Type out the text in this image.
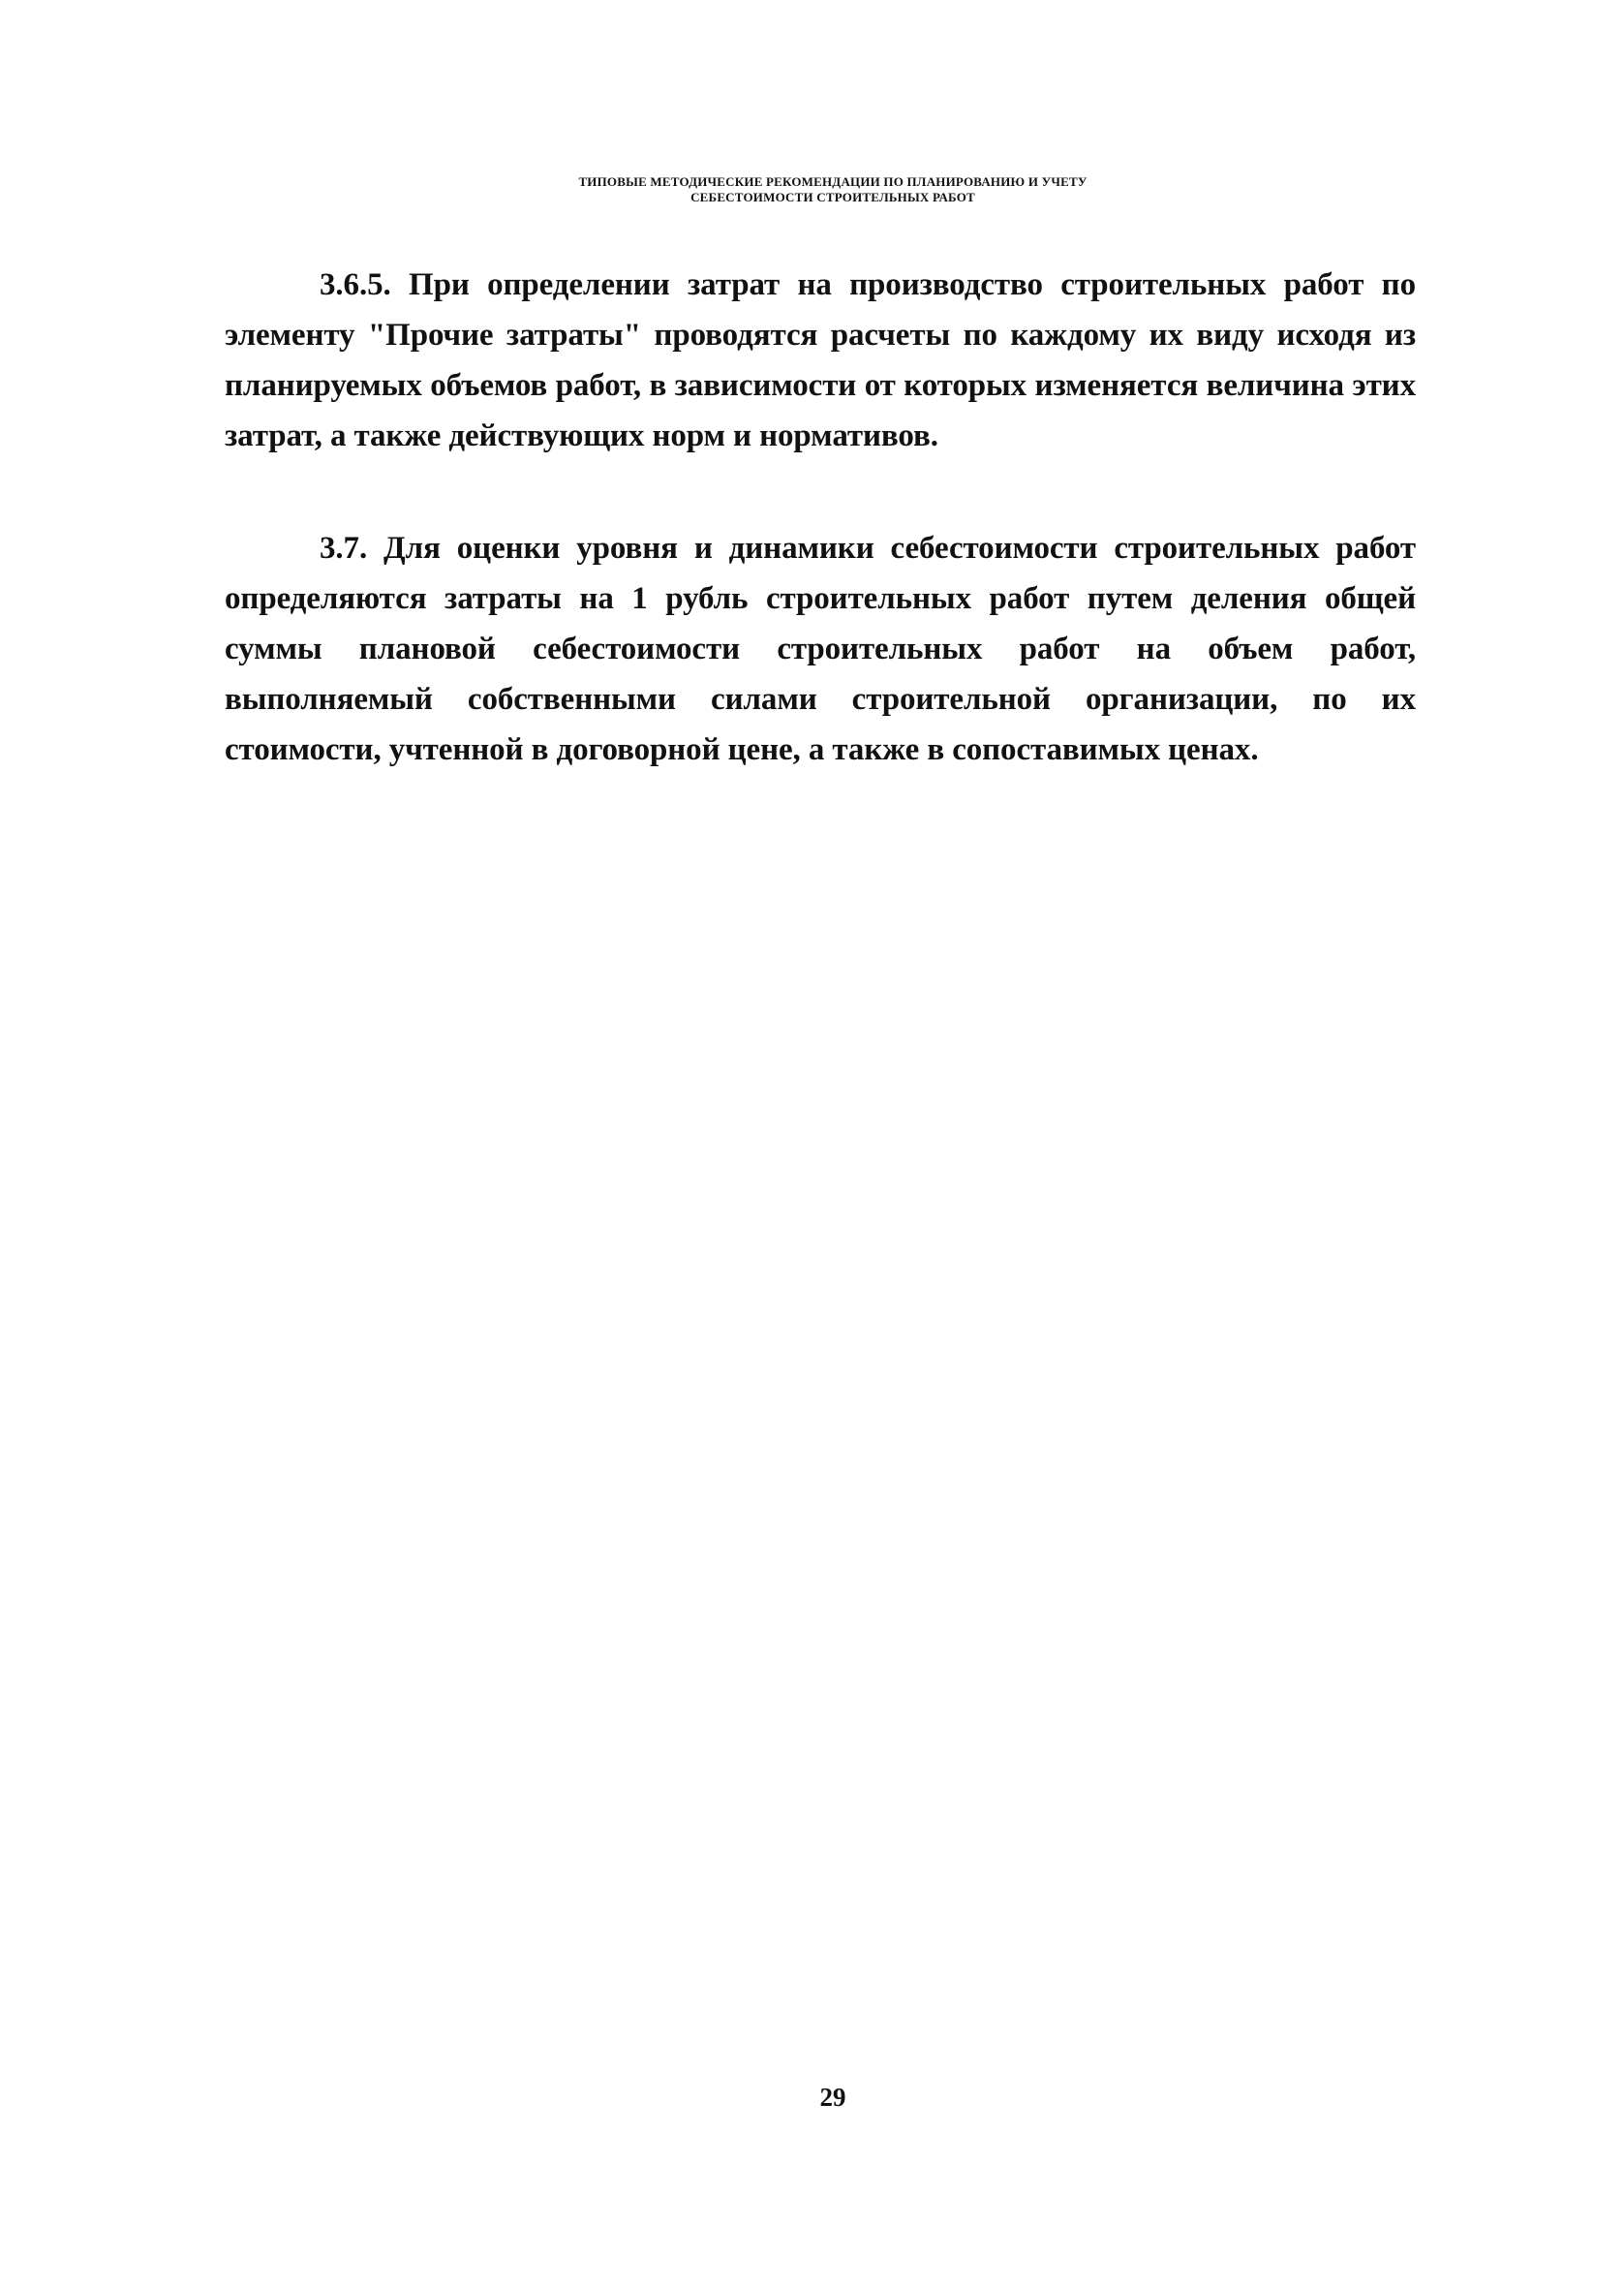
ТИПОВЫЕ МЕТОДИЧЕСКИЕ РЕКОМЕНДАЦИИ ПО ПЛАНИРОВАНИЮ И УЧЕТУ
СЕБЕСТОИМОСТИ СТРОИТЕЛЬНЫХ РАБОТ

3.6.5. При определении затрат на производство строительных работ по элементу "Прочие затраты" проводятся расчеты по каждому их виду исходя из планируемых объемов работ, в зависимости от которых изменяется величина этих затрат, а также действующих норм и нормативов.

3.7. Для оценки уровня и динамики себестоимости строительных работ определяются затраты на 1 рубль строительных работ путем деления общей суммы плановой себестоимости строительных работ на объем работ, выполняемый собственными силами строительной организации, по их стоимости, учтенной в договорной цене, а также в сопоставимых ценах.

29
